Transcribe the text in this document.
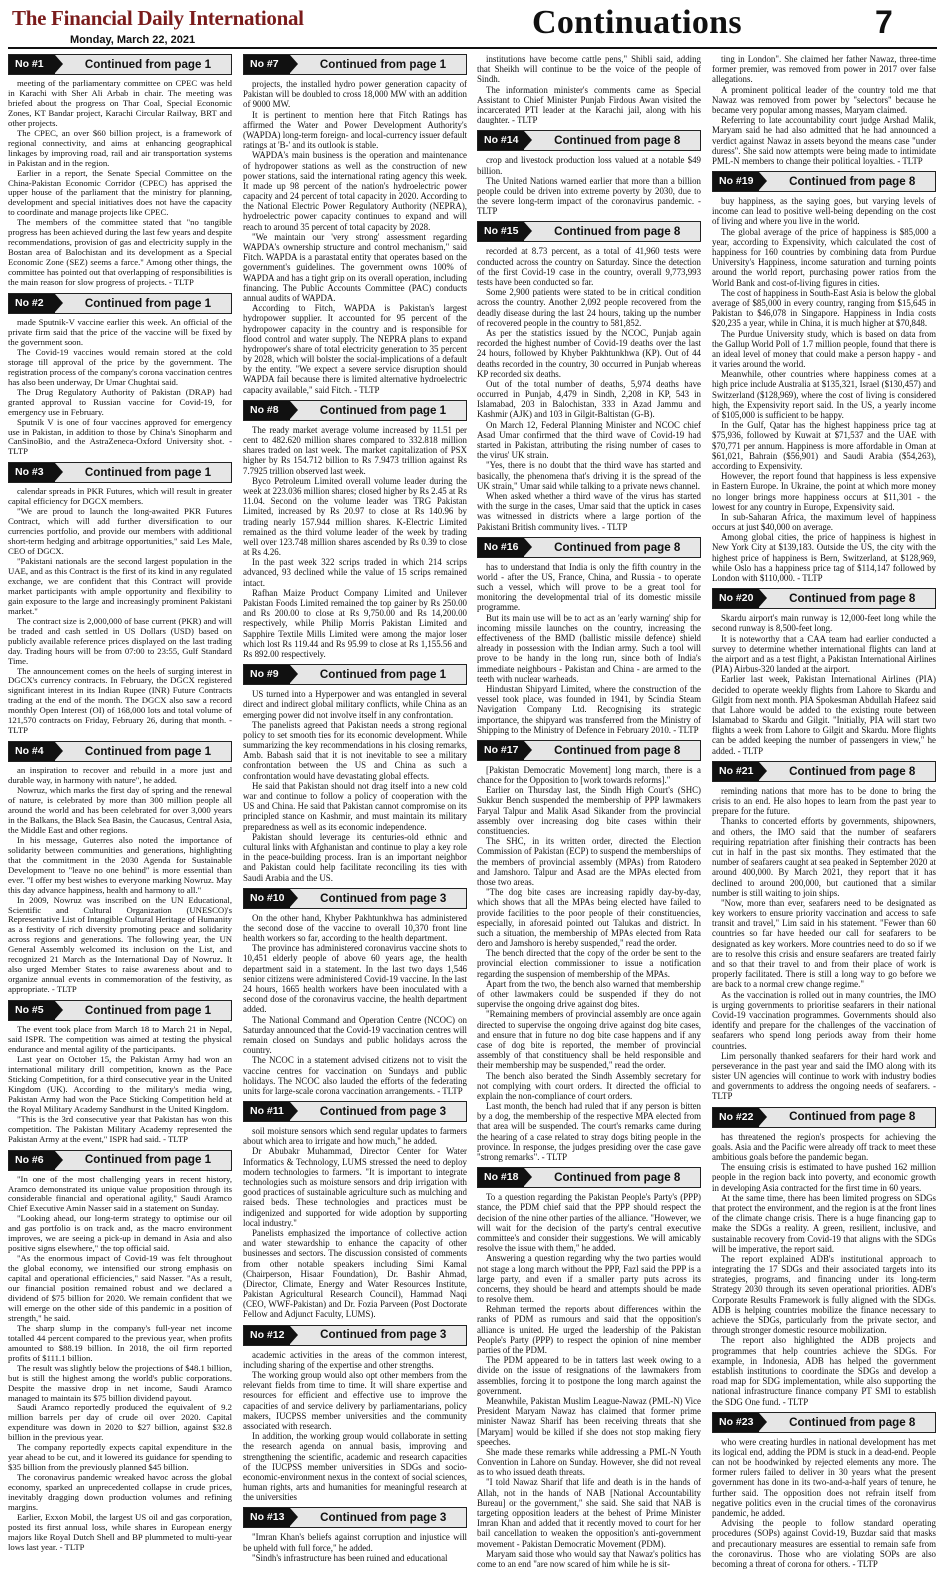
The Financial Daily International
Monday, March 22, 2021	Continuations	7
No #1	Continued from page 1

meeting of the parliamentary committee on CPEC was held in Karachi with Sher Ali Arbab in chair. The meeting was briefed about the progress on Thar Coal, Special Economic Zones, KT Bandar project, Karachi Circular Railway, BRT and other projects.

The CPEC, an over $60 billion project, is a framework of regional connectivity, and aims at enhancing geographical linkages by improving road, rail and air transportation systems in Pakistan and in the region.

Earlier in a report, the Senate Special Committee on the China-Pakistan Economic Corridor (CPEC) has apprised the upper house of the parliament that the ministry for planning, development and special initiatives does not have the capacity to coordinate and manage projects like CPEC.

The members of the committee stated that "no tangible progress has been achieved during the last few years and despite recommendations, provision of gas and electricity supply in the Bostan area of Balochistan and its development as a Special Economic Zone (SEZ) seems a farce." Among other things, the committee has pointed out that overlapping of responsibilities is the main reason for slow progress of projects. - TLTP

No #2	Continued from page 1

made Sputnik-V vaccine earlier this week. An official of the private firm said that the price of the vaccine will be fixed by the government soon.

The Covid-19 vaccines would remain stored at the cold storage till approval of the price by the government. The registration process of the company's corona vaccination centres has also been underway, Dr Umar Chughtai said.

The Drug Regulatory Authority of Pakistan (DRAP) had granted approval to Russian vaccine for Covid-19, for emergency use in February.

Sputnik V is one of four vaccines approved for emergency use in Pakistan, in addition to those by China's Sinopharm and CanSinoBio, and the AstraZeneca-Oxford University shot. - TLTP

No #3	Continued from page 1

calendar spreads in PKR Futures, which will result in greater capital efficiency for DGCX members.

"We are proud to launch the long-awaited PKR Futures Contract, which will add further diversification to our currencies portfolio, and provide our members with additional short-term hedging and arbitrage opportunities," said Les Male, CEO of DGCX.

"Pakistani nationals are the second largest population in the UAE, and as this Contract is the first of its kind in any regulated exchange, we are confident that this Contract will provide market participants with ample opportunity and flexibility to gain exposure to the large and increasingly prominent Pakistani market."

The contract size is 2,000,000 of base current (PKR) and will be traded and cash settled in US Dollars (USD) based on publicly available reference prices displayed on the last trading day. Trading hours will be from 07:00 to 23:55, Gulf Standard Time.

The announcement comes on the heels of surging interest in DGCX's currency contracts. In February, the DGCX registered significant interest in its Indian Rupee (INR) Future Contracts trading at the end of the month. The DGCX also saw a record monthly Open Interest (OI) of 168,000 lots and total volume of 121,570 contracts on Friday, February 26, during that month. - TLTP

No #4	Continued from page 1

an inspiration to recover and rebuild in a more just and durable way, in harmony with nature", he added.

Nowruz, which marks the first day of spring and the renewal of nature, is celebrated by more than 300 million people all around the world and has been celebrated for over 3,000 years in the Balkans, the Black Sea Basin, the Caucasus, Central Asia, the Middle East and other regions.

In his message, Guterres also noted the importance of solidarity between communities and generations, highlighting that the commitment in the 2030 Agenda for Sustainable Development to "leave no one behind" is more essential than ever. "I offer my best wishes to everyone marking Nowruz. May this day advance happiness, health and harmony to all."

In 2009, Nowruz was inscribed on the UN Educational, Scientific and Cultural Organization (UNESCO)'s Representative List of Intangible Cultural Heritage of Humanity as a festivity of rich diversity promoting peace and solidarity across regions and generations. The following year, the UN General Assembly welcomed its inclusion on the List, and recognized 21 March as the International Day of Nowruz. It also urged Member States to raise awareness about and to organize annual events in commemoration of the festivity, as appropriate. - TLTP

No #5	Continued from page 1

The event took place from March 18 to March 21 in Nepal, said ISPR. The competition was aimed at testing the physical endurance and mental agility of the participants.

Last year on October 15, the Pakistan Army had won an international military drill competition, known as the Pace Sticking Competition, for a third consecutive year in the United Kingdom (UK). According to the military's media wing, Pakistan Army had won the Pace Sticking Competition held at the Royal Military Academy Sandhurst in the United Kingdom.

"This is the 3rd consecutive year that Pakistan has won this competition. The Pakistan Military Academy represented the Pakistan Army at the event," ISPR had said. - TLTP

No #6	Continued from page 1

"In one of the most challenging years in recent history, Aramco demonstrated its unique value proposition through its considerable financial and operational agility," Saudi Aramco Chief Executive Amin Nasser said in a statement on Sunday.

"Looking ahead, our long-term strategy to optimise our oil and gas portfolio is on track and, as the macro environment improves, we are seeing a pick-up in demand in Asia and also positive signs elsewhere," the top official said.

"As the enormous impact of Covid-19 was felt throughout the global economy, we intensified our strong emphasis on capital and operational efficiencies," said Nasser. "As a result, our financial position remained robust and we declared a dividend of $75 billion for 2020. We remain confident that we will emerge on the other side of this pandemic in a position of strength," he said.

The sharp slump in the company's full-year net income totalled 44 percent compared to the previous year, when profits amounted to $88.19 billion. In 2018, the oil firm reported profits of $111.1 billion.

The result was slightly below the projections of $48.1 billion, but is still the highest among the world's public corporations. Despite the massive drop in net income, Saudi Aramco managed to maintain its $75 billion dividend payout.

Saudi Aramco reportedly produced the equivalent of 9.2 million barrels per day of crude oil over 2020. Capital expenditure was down in 2020 to $27 billion, against $32.8 billion in the previous year.

The company reportedly expects capital expenditure in the year ahead to be cut, and it lowered its guidance for spending to $35 billion from the previously planned $45 billion.

The coronavirus pandemic wreaked havoc across the global economy, sparked an unprecedented collapse in crude prices, inevitably dragging down production volumes and refining margins.

Earlier, Exxon Mobil, the largest US oil and gas corporation, posted its first annual loss, while shares in European energy majors like Royal Dutch Shell and BP plummeted to multi-year lows last year. - TLTP

No #7	Continued from page 1

projects, the installed hydro power generation capacity of Pakistan will be doubled to cross 18,000 MW with an addition of 9000 MW.

It is pertinent to mention here that Fitch Ratings has affirmed the Water and Power Development Authority's (WAPDA) long-term foreign- and local-currency issuer default ratings at 'B-' and its outlook is stable.

WAPDA's main business is the operation and maintenance of hydropower stations as well as the construction of new power stations, said the international rating agency this week. It made up 98 percent of the nation's hydroelectric power capacity and 24 percent of total capacity in 2020. According to the National Electric Power Regulatory Authority (NEPRA), hydroelectric power capacity continues to expand and will reach to around 35 percent of total capacity by 2028.

"We maintain our 'very strong' assessment regarding WAPDA's ownership structure and control mechanism," said Fitch. WAPDA is a parastatal entity that operates based on the government's guidelines. The government owns 100% of WAPDA and has a tight grip on its overall operation, including financing. The Public Accounts Committee (PAC) conducts annual audits of WAPDA.

According to Fitch, WAPDA is Pakistan's largest hydropower supplier. It accounted for 95 percent of the hydropower capacity in the country and is responsible for flood control and water supply. The NEPRA plans to expand hydropower's share of total electricity generation to 35 percent by 2028, which will bolster the social-implications of a default by the entity. "We expect a severe service disruption should WAPDA fail because there is limited alternative hydroelectric capacity available," said Fitch. - TLTP

No #8	Continued from page 1

The ready market average volume increased by 11.51 per cent to 482.620 million shares compared to 332.818 million shares traded on last week. The market capitalization of PSX higher by Rs 154.712 billion to Rs 7.9473 trillion against Rs 7.7925 trillion observed last week.

Byco Petroleum Limited overall volume leader during the week at 223.036 million shares; closed higher by Rs 2.45 at Rs 11.04. Second on the volume leader was TRG Pakistan Limited, increased by Rs 20.97 to close at Rs 140.96 by trading nearly 157.944 million shares. K-Electric Limited remained as the third volume leader of the week by trading well over 123.748 million shares ascended by Rs 0.39 to close at Rs 4.26.

In the past week 322 scrips traded in which 214 scrips advanced, 93 declined while the value of 15 scrips remained intact.

Rafhan Maize Product Company Limited and Unilever Pakistan Foods Limited remained the top gainer by Rs 250.00 and Rs 200.00 to close at Rs 9,750.00 and Rs 14,200.00 respectively, while Philip Morris Pakistan Limited and Sapphire Textile Mills Limited were among the major loser which lost Rs 119.44 and Rs 95.99 to close at Rs 1,155.56 and Rs 892.00 respectively.

No #9	Continued from page 1

US turned into a Hyperpower and was entangled in several direct and indirect global military conflicts, while China as an emerging power did not involve itself in any confrontation.

The panelists agreed that Pakistan needs a strong regional policy to set smooth ties for its economic development. While summarizing the key recommendations in his closing remarks, Amb. Babash said that it is not inevitable to see a military confrontation between the US and China as such a confrontation would have devastating global effects.

He said that Pakistan should not drag itself into a new cold war and continue to follow a policy of cooperation with the US and China. He said that Pakistan cannot compromise on its principled stance on Kashmir, and must maintain its military preparedness as well as its economic independence.

Pakistan should leverage its centuries-old ethnic and cultural links with Afghanistan and continue to play a key role in the peace-building process. Iran is an important neighbor and Pakistan could help facilitate reconciling its ties with Saudi Arabia and the US.

No #10	Continued from page 3

On the other hand, Khyber Pakhtunkhwa has administered the second dose of the vaccine to overall 10,370 front line health workers so far, according to the health department.

The province has administered coronavirus vaccine shots to 10,451 elderly people of above 60 years age, the health department said in a statement. In the last two days 1,546 senior citizens were administered Covid-19 vaccine. In the last 24 hours, 1665 health workers have been inoculated with a second dose of the coronavirus vaccine, the health department added.

The National Command and Operation Centre (NCOC) on Saturday announced that the Covid-19 vaccination centres will remain closed on Sundays and public holidays across the country.

The NCOC in a statement advised citizens not to visit the vaccine centres for vaccination on Sundays and public holidays. The NCOC also lauded the efforts of the federating units for large-scale corona vaccination arrangements. - TLTP

No #11	Continued from page 3

soil moisture sensors which send regular updates to farmers about which area to irrigate and how much," he added.

Dr Abubakr Muhammad, Director Center for Water Informatics & Technology, LUMS stressed the need to deploy modern technologies to farmers. "It is important to integrate technologies such as moisture sensors and drip irrigation with good practices of sustainable agriculture such as mulching and raised beds. These technologies and practices must be indigenized and supported for wide adoption by supporting local industry."

Panelists emphasized the importance of collective action and water stewardship to enhance the capacity of other businesses and sectors. The discussion consisted of comments from other notable speakers including Simi Kamal (Chairperson, Hisaar Foundation), Dr. Bashir Ahmad, (Director, Climate, Energy and Water Resources Institute, Pakistan Agricultural Research Council), Hammad Naqi (CEO, WWF-Pakistan) and Dr. Fozia Parveen (Post Doctorate Fellow and Adjunct Faculty, LUMS).

No #12	Continued from page 3

academic activities in the areas of the common interest, including sharing of the expertise and other strengths.

The working group would also opt other members from the relevant fields from time to time. It will share expertise and resources for efficient and effective use to improve the capacities of and service delivery by parliamentarians, policy makers, IUCPSS member universities and the community associated with research.

In addition, the working group would collaborate in setting the research agenda on annual basis, improving and strengthening the scientific, academic and research capacities of the IUCPSS member universities in SDGs and socio-economic-environment nexus in the context of social sciences, human rights, arts and humanities for meaningful research at the universities

No #13	Continued from page 3

"Imran Khan's beliefs against corruption and injustice will be upheld with full force," he added.

"Sindh's infrastructure has been ruined and educational

institutions have become cattle pens," Shibli said, adding that Sheikh will continue to be the voice of the people of Sindh.

The information minister's comments came as Special Assistant to Chief Minister Punjab Firdous Awan visited the incarcerated PTI leader at the Karachi jail, along with his daughter. - TLTP

No #14	Continued from page 8

crop and livestock production loss valued at a notable $49 billion.

The United Nations warned earlier that more than a billion people could be driven into extreme poverty by 2030, due to the severe long-term impact of the coronavirus pandemic. - TLTP

No #15	Continued from page 8

recorded at 8.73 percent, as a total of 41,960 tests were conducted across the country on Saturday. Since the detection of the first Covid-19 case in the country, overall 9,773,993 tests have been conducted so far.

Some 2,900 patients were stated to be in critical condition across the country. Another 2,092 people recovered from the deadly disease during the last 24 hours, taking up the number of recovered people in the country to 581,852.

As per the statistics issued by the NCOC, Punjab again recorded the highest number of Covid-19 deaths over the last 24 hours, followed by Khyber Pakhtunkhwa (KP). Out of 44 deaths recorded in the country, 30 occurred in Punjab whereas KP recorded six deaths.

Out of the total number of deaths, 5,974 deaths have occurred in Punjab, 4,479 in Sindh, 2,208 in KP, 543 in Islamabad, 203 in Balochistan, 333 in Azad Jammu and Kashmir (AJK) and 103 in Gilgit-Baltistan (G-B).

On March 12, Federal Planning Minister and NCOC chief Asad Umar confirmed that the third wave of Covid-19 had started in Pakistan, attributing the rising number of cases to the virus' UK strain.

"Yes, there is no doubt that the third wave has started and basically, the phenomena that's driving it is the spread of the UK strain," Umar said while talking to a private news channel.

When asked whether a third wave of the virus has started with the surge in the cases, Umar said that the uptick in cases was witnessed in districts where a large portion of the Pakistani British community lives. - TLTP

No #16	Continued from page 8

has to understand that India is only the fifth country in the world - after the US, France, China, and Russia - to operate such a vessel, which will prove to be a great tool for monitoring the developmental trial of its domestic missile programme.

But its main use will be to act as an 'early warning' ship for incoming missile launches on the country, increasing the effectiveness of the BMD (ballistic missile defence) shield already in possession with the Indian army. Such a tool will prove to be handy in the long run, since both of India's immediate neighbours - Pakistan and China - are armed to the teeth with nuclear warheads.

Hindustan Shipyard Limited, where the construction of the vessel took place, was founded in 1941, by Scindia Steam Navigation Company Ltd. Recognising its strategic importance, the shipyard was transferred from the Ministry of Shipping to the Ministry of Defence in February 2010. - TLTP

No #17	Continued from page 8

[Pakistan Democratic Movement] long march, there is a chance for the Opposition to [work towards reforms]."

Earlier on Thursday last, the Sindh High Court's (SHC) Sukkur Bench suspended the membership of PPP lawmakers Faryal Talpur and Malik Asad Sikander from the provincial assembly over increasing dog bite cases within their constituencies.

The SHC, in its written order, directed the Election Commission of Pakistan (ECP) to suspend the memberships of the members of provincial assembly (MPAs) from Ratodero and Jamshoro. Talpur and Asad are the MPAs elected from those two areas.

"The dog bite cases are increasing rapidly day-by-day, which shows that all the MPAs being elected have failed to provide facilities to the poor people of their constituencies, especially, in aforesaid pointed out Talukas and district. In such a situation, the membership of MPAs elected from Rata dero and Jamshoro is hereby suspended," read the order.

The bench directed that the copy of the order be sent to the provincial election commissioner to issue a notification regarding the suspension of membership of the MPAs.

Apart from the two, the bench also warned that membership of other lawmakers could be suspended if they do not supervise the ongoing drive against dog bites.

"Remaining members of provincial assembly are once again directed to supervise the ongoing drive against dog bite cases, and ensure that in future no dog bite case happens and if any case of dog bite is reported, the member of provincial assembly of that constituency shall be held responsible and their membership may be suspended," read the order.

The bench also berated the Sindh Assembly secretary for not complying with court orders. It directed the official to explain the non-compliance of court orders.

Last month, the bench had ruled that if any person is bitten by a dog, the membership of the respective MPA elected from that area will be suspended. The court's remarks came during the hearing of a case related to stray dogs biting people in the province. In response, the judges presiding over the case gave "strong remarks". - TLTP

No #18	Continued from page 8

To a question regarding the Pakistan People's Party's (PPP) stance, the PDM chief said that the PPP should respect the decision of the nine other parties of the alliance. "However, we will wait for the decision of the party's central executive committee's and consider their suggestions. We will amicably resolve the issue with them," he added.

Answering a question regarding why the two parties would not stage a long march without the PPP, Fazl said the PPP is a large party, and even if a smaller party puts across its concerns, they should be heard and attempts should be made to resolve them.

Rehman termed the reports about differences within the ranks of PDM as rumours and said that the opposition's alliance is united. He urged the leadership of the Pakistan People's Party (PPP) to respect the opinion of nine member parties of the PDM.

The PDM appeared to be in tatters last week owing to a divide on the issue of resignations of the lawmakers from assemblies, forcing it to postpone the long march against the government.

Meanwhile, Pakistan Muslim League-Nawaz (PML-N) Vice President Maryam Nawaz has claimed that former prime minister Nawaz Sharif has been receiving threats that she [Maryam] would be killed if she does not stop making fiery speeches.

She made these remarks while addressing a PML-N Youth Convention in Lahore on Sunday. However, she did not reveal as to who issued death threats.

"I told Nawaz Sharif that life and death is in the hands of Allah, not in the hands of NAB [National Accountability Bureau] or the government," she said. She said that NAB is targeting opposition leaders at the behest of Prime Minister Imran Khan and added that it recently moved to court for her bail cancellation to weaken the opposition's anti-government movement - Pakistan Democratic Movement (PDM).

Maryam said those who would say that Nawaz's politics has come to an end "are now scared of him while he is sit-

ting in London". She claimed her father Nawaz, three-time former premier, was removed from power in 2017 over false allegations.

A prominent political leader of the country told me that Nawaz was removed from power by "selectors" because he became very popular among masses, Maryam claimed.

Referring to late accountability court judge Arshad Malik, Maryam said he had also admitted that he had announced a verdict against Nawaz in assets beyond the means case "under duress". She said now attempts were being made to intimidate PML-N members to change their political loyalties. - TLTP

No #19	Continued from page 8

buy happiness, as the saying goes, but varying levels of income can lead to positive well-being depending on the cost of living and where you live in the world.

The global average of the price of happiness is $85,000 a year, according to Expensivity, which calculated the cost of happiness for 160 countries by combining data from Purdue University's Happiness, income saturation and turning points around the world report, purchasing power ratios from the World Bank and cost-of-living figures in cities.

The cost of happiness in South-East Asia is below the global average of $85,000 in every country, ranging from $15,645 in Pakistan to $46,078 in Singapore. Happiness in India costs $20,235 a year, while in China, it is much higher at $70,848.

The Purdue University study, which is based on data from the Gallup World Poll of 1.7 million people, found that there is an ideal level of money that could make a person happy - and it varies around the world.

Meanwhile, other countries where happiness comes at a high price include Australia at $135,321, Israel ($130,457) and Switzerland ($128,969), where the cost of living is considered high, the Expensivity report said. In the US, a yearly income of $105,000 is sufficient to be happy.

In the Gulf, Qatar has the highest happiness price tag at $75,936, followed by Kuwait at $71,537 and the UAE with $70,771 per annum. Happiness is more affordable in Oman at $61,021, Bahrain ($56,901) and Saudi Arabia ($54,263), according to Expensivity.

However, the report found that happiness is less expensive in Eastern Europe. In Ukraine, the point at which more money no longer brings more happiness occurs at $11,301 - the lowest for any country in Europe, Expensivity said.

In sub-Saharan Africa, the maximum level of happiness occurs at just $40,000 on average.

Among global cities, the price of happiness is highest in New York City at $139,183. Outside the US, the city with the highest price of happiness is Bern, Switzerland, at $128,969, while Oslo has a happiness price tag of $114,147 followed by London with $110,000. - TLTP

No #20	Continued from page 8

Skardu airport's main runway is 12,000-feet long while the second runway is 8,500-feet long.

It is noteworthy that a CAA team had earlier conducted a survey to determine whether international flights can land at the airport and as a test flight, a Pakistan International Airlines (PIA) Airbus-320 landed at the airport.

Earlier last week, Pakistan International Airlines (PIA) decided to operate weekly flights from Lahore to Skardu and Gilgit from next month. PIA Spokesman Abdullah Hafeez said that Lahore would be added to the existing route between Islamabad to Skardu and Gilgit. "Initially, PIA will start two flights a week from Lahore to Gilgit and Skardu. More flights can be added keeping the number of passengers in view," he added. - TLTP

No #21	Continued from page 8

reminding nations that more has to be done to bring the crisis to an end. He also hopes to learn from the past year to prepare for the future.

Thanks to concerted efforts by governments, shipowners, and others, the IMO said that the number of seafarers requiring repatriation after finishing their contracts has been cut in half in the past six months. They estimated that the number of seafarers caught at sea peaked in September 2020 at around 400,000. By March 2021, they report that it has declined to around 200,000, but cautioned that a similar number is still waiting to join ships.

"Now, more than ever, seafarers need to be designated as key workers to ensure priority vaccination and access to safe transit and travel," Lim said in his statement. "Fewer than 60 countries so far have heeded our call for seafarers to be designated as key workers. More countries need to do so if we are to resolve this crisis and ensure seafarers are treated fairly and so that their travel to and from their place of work is properly facilitated. There is still a long way to go before we are back to a normal crew change regime."

As the vaccination is rolled out in many countries, the IMO is urging governments to prioritise seafarers in their national Covid-19 vaccination programmes. Governments should also identify and prepare for the challenges of the vaccination of seafarers who spend long periods away from their home countries.

Lim personally thanked seafarers for their hard work and perseverance in the past year and said the IMO along with its sister UN agencies will continue to work with industry bodies and governments to address the ongoing needs of seafarers. - TLTP

No #22	Continued from page 8

has threatened the region's prospects for achieving the goals. Asia and the Pacific were already off track to meet these ambitious goals before the pandemic began.

The ensuing crisis is estimated to have pushed 162 million people in the region back into poverty, and economic growth in developing Asia contracted for the first time in 60 years.

At the same time, there has been limited progress on SDGs that protect the environment, and the region is at the front lines of the climate change crisis. There is a huge financing gap to make the SDGs a reality. A green, resilient, inclusive, and sustainable recovery from Covid-19 that aligns with the SDGs will be imperative, the report said.

The report explained ADB's institutional approach to integrating the 17 SDGs and their associated targets into its strategies, programs, and financing under its long-term Strategy 2030 through its seven operational priorities. ADB's Corporate Results Framework is fully aligned with the SDGs. ADB is helping countries mobilize the finance necessary to achieve the SDGs, particularly from the private sector, and through stronger domestic resource mobilization.

The report also highlighted the ADB projects and programmes that help countries achieve the SDGs. For example, in Indonesia, ADB has helped the government establish institutions to coordinate the SDGs and develop a road map for SDG implementation, while also supporting the national infrastructure finance company PT SMI to establish the SDG One fund. - TLTP

No #23	Continued from page 8

who were creating hurdles in national development has met its logical end, adding the PDM is stuck in a dead-end. People can not be hoodwinked by rejected elements any more. The former rulers failed to deliver in 30 years what the present government has done in its two-and-a-half years of tenure, he further said. The opposition does not refrain itself from negative politics even in the crucial times of the coronavirus pandemic, he added.

Advising the people to follow standard operating procedures (SOPs) against Covid-19, Buzdar said that masks and precautionary measures are essential to remain safe from the coronavirus. Those who are violating SOPs are also becoming a threat of corona for others. - TLTP
